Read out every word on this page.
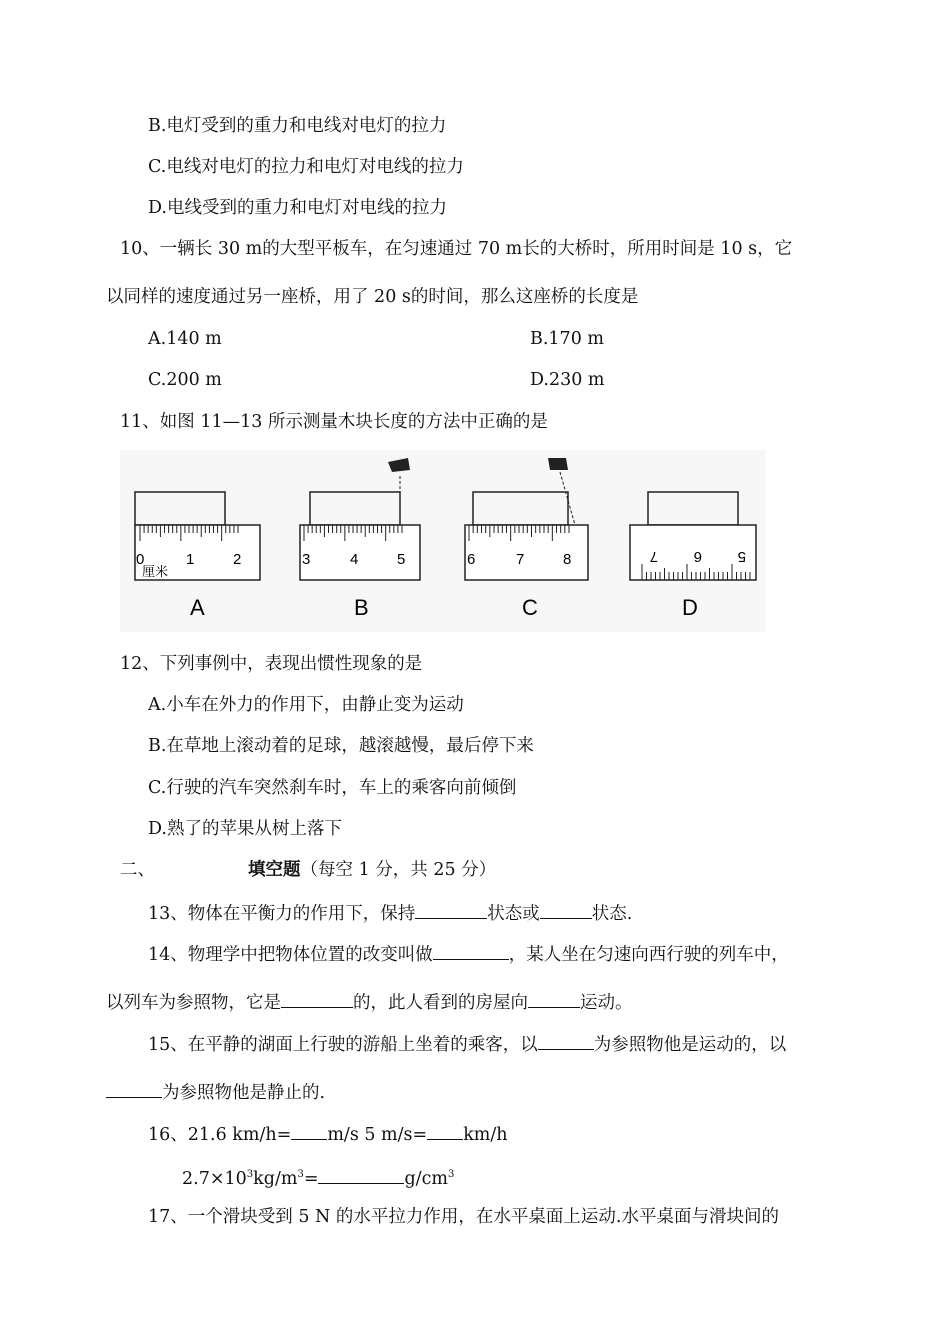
B.电灯受到的重力和电线对电灯的拉力
C.电线对电灯的拉力和电灯对电线的拉力
D.电线受到的重力和电灯对电线的拉力
10、一辆长 30 m的大型平板车，在匀速通过 70 m长的大桥时，所用时间是 10 s，它
以同样的速度通过另一座桥，用了 20 s的时间，那么这座桥的长度是
A.140 m	B.170 m
C.200 m	D.230 m
11、如图 11—13 所示测量木块长度的方法中正确的是
0	1	2
厘米
A
3	4	5
B
6	7	8
C
7 6 5
D
12、下列事例中，表现出惯性现象的是
A.小车在外力的作用下，由静止变为运动
B.在草地上滚动着的足球，越滚越慢，最后停下来
C.行驶的汽车突然刹车时，车上的乘客向前倾倒
D.熟了的苹果从树上落下
二、	填空题（每空 1 分，共 25 分）
13、物体在平衡力的作用下，保持	状态或	状态.
14、物理学中把物体位置的改变叫做	，某人坐在匀速向西行驶的列车中，
以列车为参照物，它是	的，此人看到的房屋向	运动。
15、在平静的湖面上行驶的游船上坐着的乘客，以	为参照物他是运动的，以
为参照物他是静止的.
16、21.6 km/h= m/s 5 m/s= km/h
$2.7\times 10^3kg/m^3=$	$g/cm^3$
17、一个滑块受到 5 N 的水平拉力作用，在水平桌面上运动.水平桌面与滑块间的
